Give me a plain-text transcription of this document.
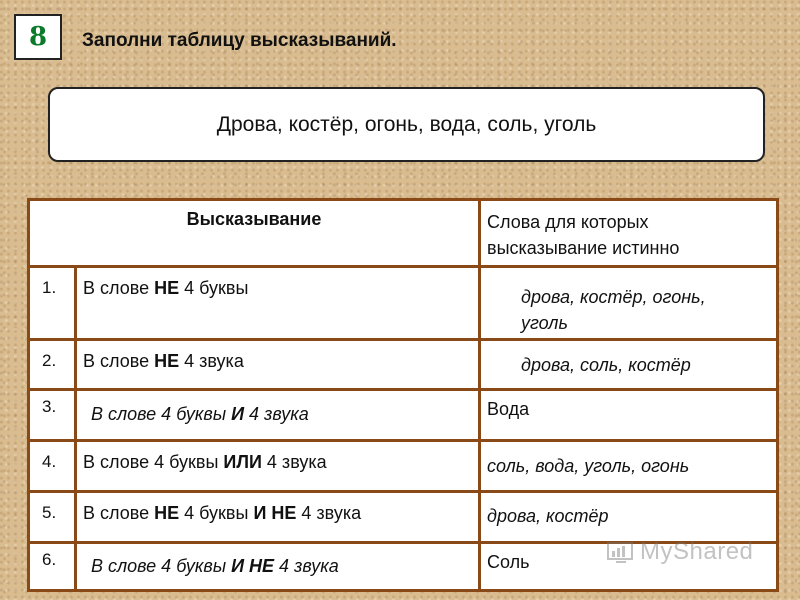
8 Заполни таблицу высказываний.
Дрова, костёр, огонь, вода, соль, уголь
Высказывание	Слова для которых
высказывание истинно
1.	В слове НЕ 4 буквы	дрова, костёр, огонь,
уголь
2.	В слове НЕ 4 звука	дрова, соль, костёр
3.	В слове 4 буквы И 4 звука	Вода
4.	В слове 4 буквы ИЛИ 4 звука	соль, вода, уголь, огонь
5.	В слове НЕ 4 буквы И НЕ 4 звука	дрова, костёр
6.	В слове 4 буквы И НЕ 4 звука	Соль	MyShared
